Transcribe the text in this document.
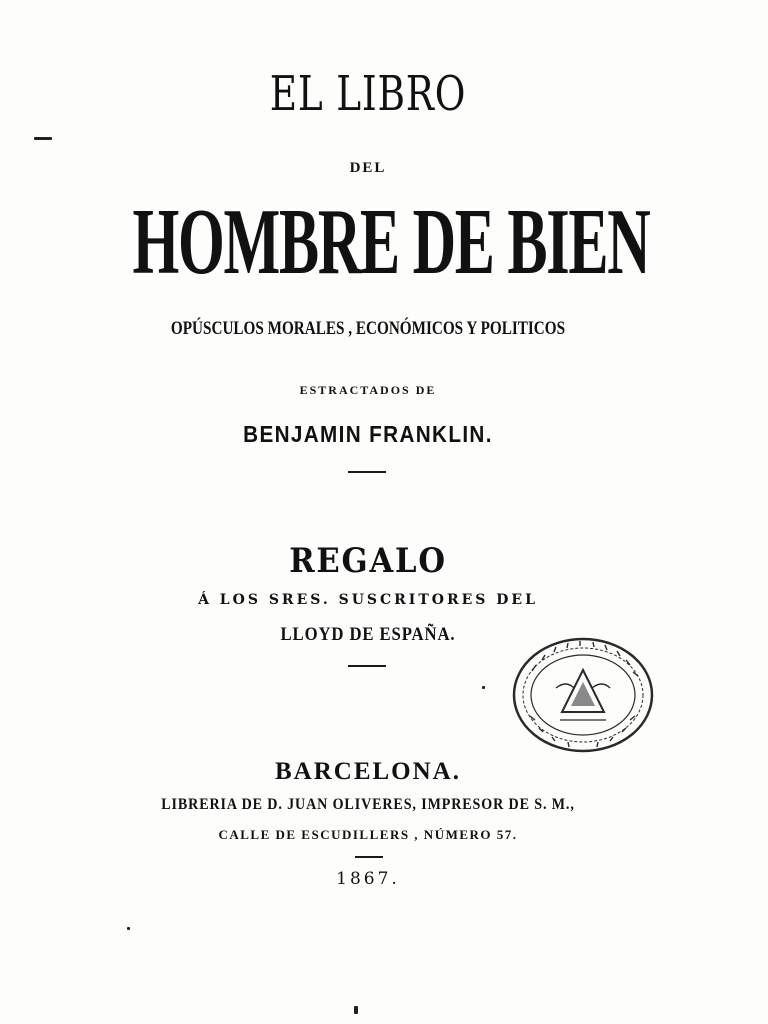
EL LIBRO

DEL

HOMBRE DE BIEN

OPÚSCULOS MORALES , ECONÓMICOS Y POLITICOS

ESTRACTADOS DE

BENJAMIN FRANKLIN.

REGALO

Á LOS SRES. SUSCRITORES DEL

LLOYD DE ESPAÑA.

BARCELONA.

LIBRERIA DE D. JUAN OLIVERES, IMPRESOR DE S. M.,

CALLE DE ESCUDILLERS , NÚMERO 57.

1867.
